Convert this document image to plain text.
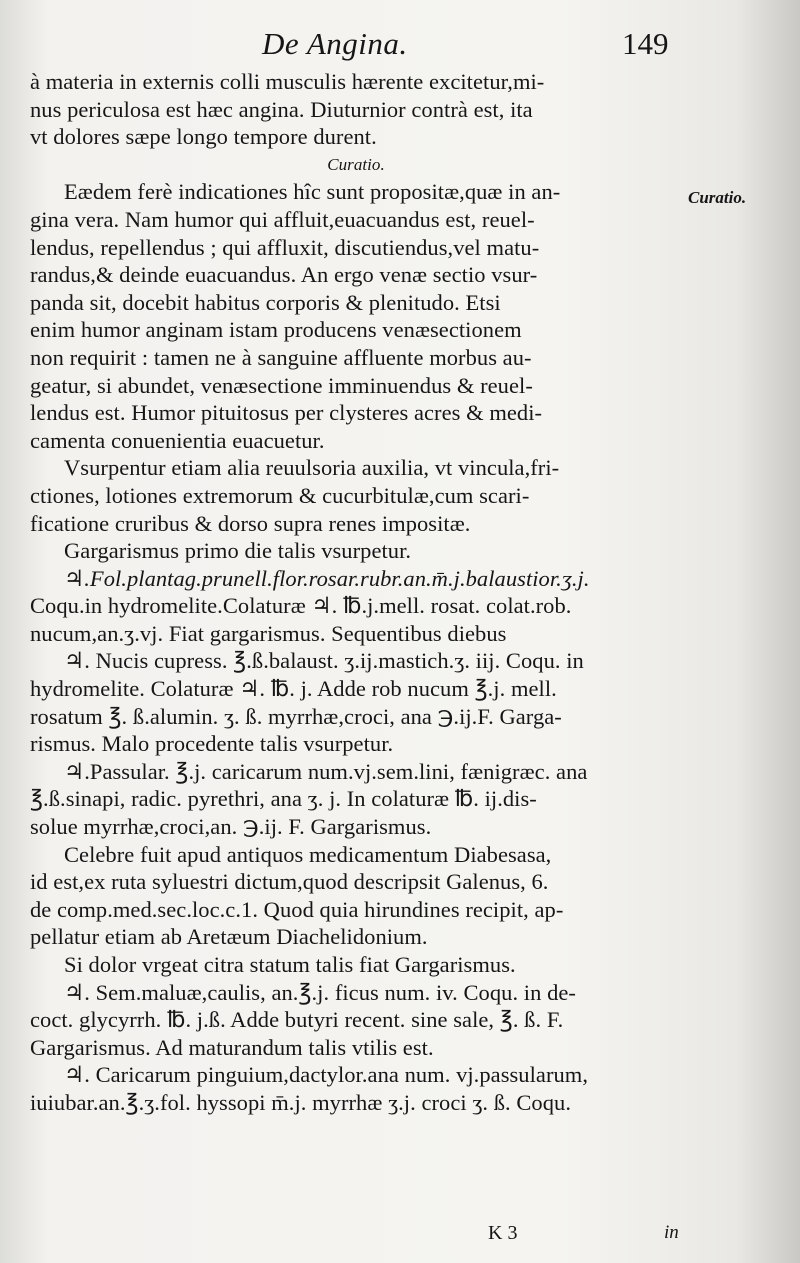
De Angina.	149
Curatio.
à materia in externis colli musculis hærente excitetur,mi-
nus periculosa est hæc angina. Diuturnior contrà est, ita
vt dolores sæpe longo tempore durent.
Curatio.
Eædem ferè indicationes hîc sunt propositæ,quæ in an-
gina vera. Nam humor qui affluit,euacuandus est, reuel-
lendus, repellendus ; qui affluxit, discutiendus,vel matu-
randus,& deinde euacuandus. An ergo venæ sectio vsur-
panda sit, docebit habitus corporis & plenitudo. Etsi
enim humor anginam istam producens venæsectionem
non requirit : tamen ne à sanguine affluente morbus au-
geatur, si abundet, venæsectione imminuendus & reuel-
lendus est. Humor pituitosus per clysteres acres & medi-
camenta conuenientia euacuetur.
Vsurpentur etiam alia reuulsoria auxilia, vt vincula,fri-
ctiones, lotiones extremorum & cucurbitulæ,cum scari-
ficatione cruribus & dorso supra renes impositæ.
Gargarismus primo die talis vsurpetur.
♃.Fol.plantag.prunell.flor.rosar.rubr.an.m̄.j.balaustior.ʒ.j.
Coqu.in hydromelite.Colaturæ ♃. ℔.j.mell. rosat. colat.rob.
nucum,an.ʒ.vj. Fiat gargarismus. Sequentibus diebus
♃. Nucis cupress. ℥.ß.balaust. ʒ.ij.mastich.ʒ. iij. Coqu. in
hydromelite. Colaturæ ♃. ℔. j. Adde rob nucum ℥.j. mell.
rosatum ℥. ß.alumin. ʒ. ß. myrrhæ,croci, ana ℈.ij.F. Garga-
rismus. Malo procedente talis vsurpetur.
♃.Passular. ℥.j. caricarum num.vj.sem.lini, fænigræc. ana
℥.ß.sinapi, radic. pyrethri, ana ʒ. j. In colaturæ ℔. ij.dis-
solue myrrhæ,croci,an. ℈.ij. F. Gargarismus.
Celebre fuit apud antiquos medicamentum Diabesasa,
id est,ex ruta syluestri dictum,quod descripsit Galenus, 6.
de comp.med.sec.loc.c.1. Quod quia hirundines recipit, ap-
pellatur etiam ab Aretæum Diachelidonium.
Si dolor vrgeat citra statum talis fiat Gargarismus.
♃. Sem.maluæ,caulis, an.℥.j. ficus num. iv. Coqu. in de-
coct. glycyrrh. ℔. j.ß. Adde butyri recent. sine sale, ℥. ß. F.
Gargarismus. Ad maturandum talis vtilis est.
♃. Caricarum pinguium,dactylor.ana num. vj.passularum,
iuiubar.an.℥.ʒ.fol. hyssopi m̄.j. myrrhæ ʒ.j. croci ʒ. ß. Coqu.
K 3	in
